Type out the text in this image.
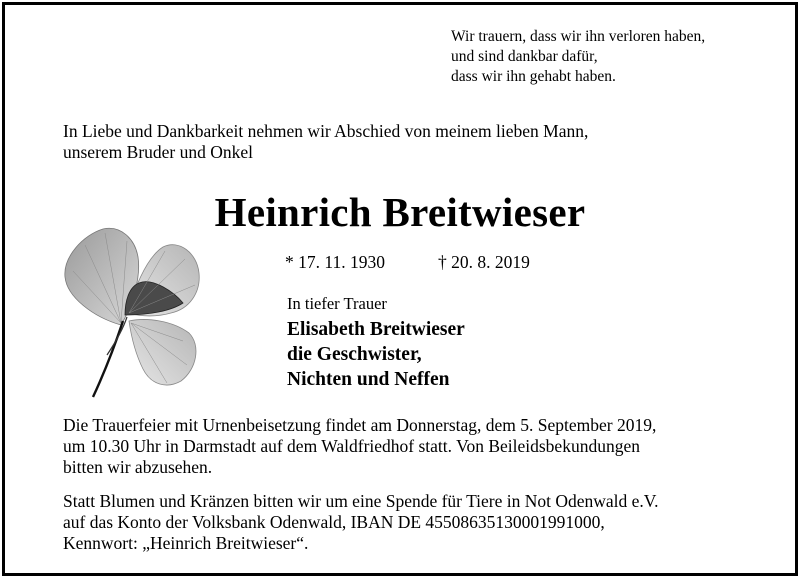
Wir trauern, dass wir ihn verloren haben,
und sind dankbar dafür,
dass wir ihn gehabt haben.
In Liebe und Dankbarkeit nehmen wir Abschied von meinem lieben Mann,
unserem Bruder und Onkel
Heinrich Breitwieser
* 17. 11. 1930	† 20. 8. 2019
In tiefer Trauer
Elisabeth Breitwieser
die Geschwister,
Nichten und Neffen
Die Trauerfeier mit Urnenbeisetzung findet am Donnerstag, dem 5. September 2019,
um 10.30 Uhr in Darmstadt auf dem Waldfriedhof statt. Von Beileidsbekundungen
bitten wir abzusehen.
Statt Blumen und Kränzen bitten wir um eine Spende für Tiere in Not Odenwald e.V.
auf das Konto der Volksbank Odenwald, IBAN DE 45508635130001991000,
Kennwort: „Heinrich Breitwieser“.
